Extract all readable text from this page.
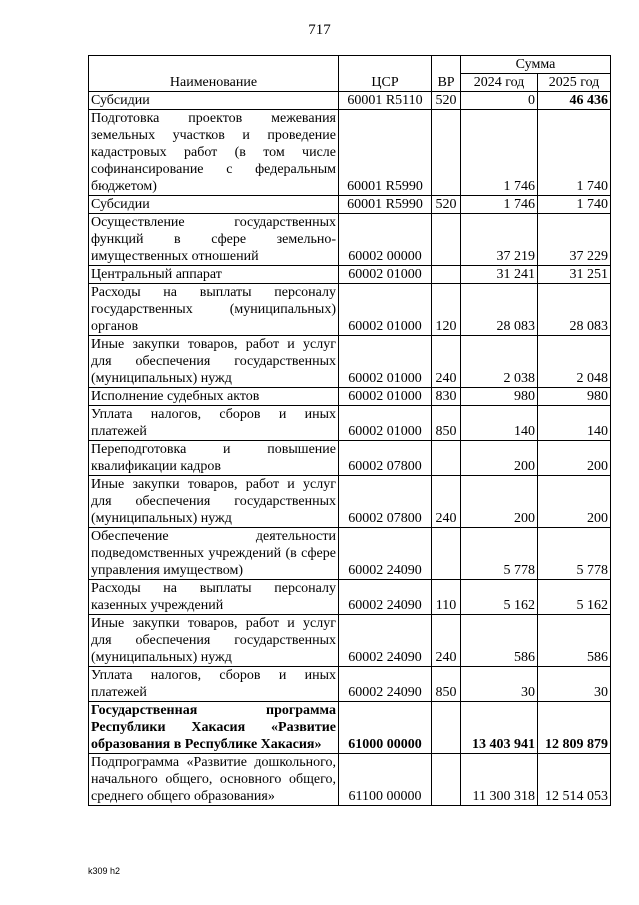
717
Наименование	ЦСР	ВР	Сумма	
			2024 год	2025 год
Субсидии	60001 R5110	520	0	46 436
Подготовка проектов межевания земельных участков и проведение кадастровых работ (в том числе софинансирование с федеральным бюджетом)	60001 R5990		1 746	1 740
Субсидии	60001 R5990	520	1 746	1 740
Осуществление государственных функций в сфере земельно-имущественных отношений	60002 00000		37 219	37 229
Центральный аппарат	60002 01000		31 241	31 251
Расходы на выплаты персоналу государственных (муниципальных) органов	60002 01000	120	28 083	28 083
Иные закупки товаров, работ и услуг для обеспечения государственных (муниципальных) нужд	60002 01000	240	2 038	2 048
Исполнение судебных актов	60002 01000	830	980	980
Уплата налогов, сборов и иных платежей	60002 01000	850	140	140
Переподготовка и повышение квалификации кадров	60002 07800		200	200
Иные закупки товаров, работ и услуг для обеспечения государственных (муниципальных) нужд	60002 07800	240	200	200
Обеспечение деятельности подведомственных учреждений (в сфере управления имуществом)	60002 24090		5 778	5 778
Расходы на выплаты персоналу казенных учреждений	60002 24090	110	5 162	5 162
Иные закупки товаров, работ и услуг для обеспечения государственных (муниципальных) нужд	60002 24090	240	586	586
Уплата налогов, сборов и иных платежей	60002 24090	850	30	30
Государственная программа Республики Хакасия «Развитие образования в Республике Хакасия»	61000 00000		13 403 941	12 809 879
Подпрограмма «Развитие дошкольного, начального общего, основного общего, среднего общего образования»	61100 00000		11 300 318	12 514 053
k309 h2
